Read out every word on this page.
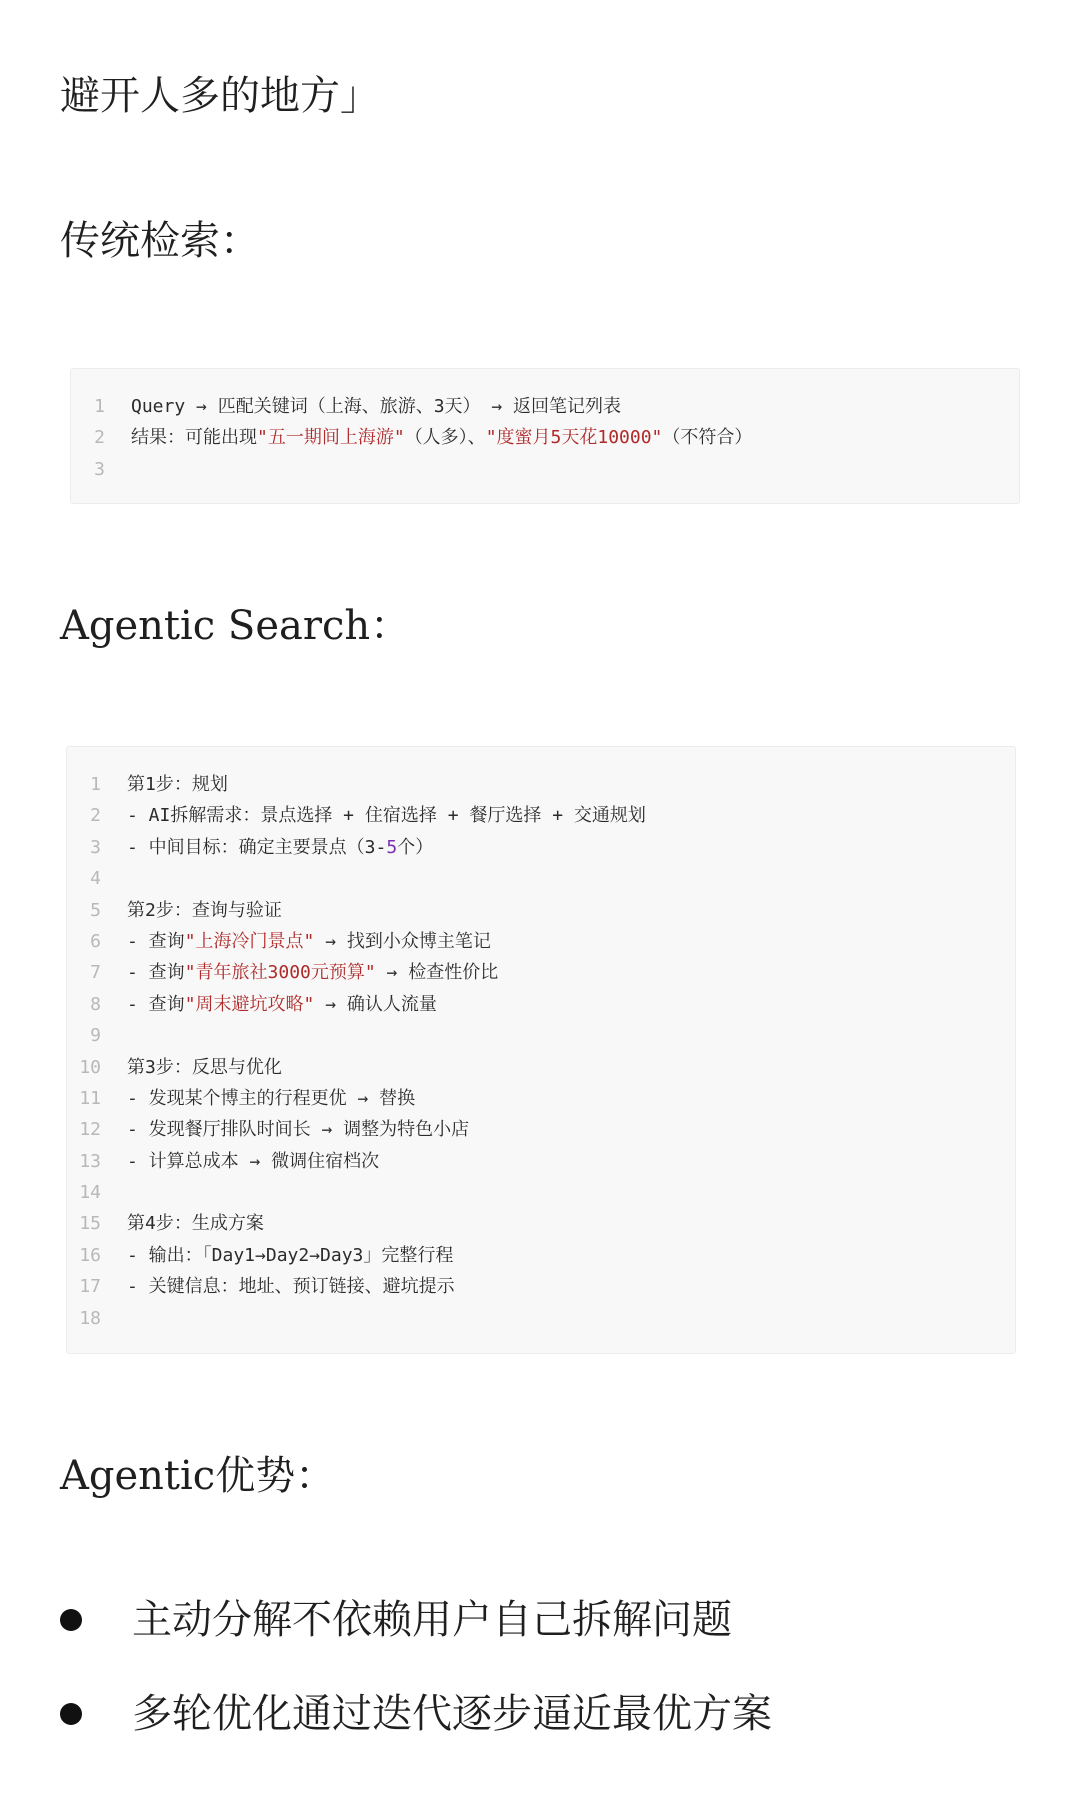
避开人多的地方」

传统检索：

1 Query → 匹配关键词（上海、旅游、3天） → 返回笔记列表
2 结果：可能出现"五一期间上海游"（人多）、"度蜜月5天花10000"（不符合）
3

Agentic Search：

1 第1步：规划
2 - AI拆解需求：景点选择 + 住宿选择 + 餐厅选择 + 交通规划
3 - 中间目标：确定主要景点（3-5个）
4
5 第2步：查询与验证
6 - 查询"上海冷门景点" → 找到小众博主笔记
7 - 查询"青年旅社3000元预算" → 检查性价比
8 - 查询"周末避坑攻略" → 确认人流量
9
10 第3步：反思与优化
11 - 发现某个博主的行程更优 → 替换
12 - 发现餐厅排队时间长 → 调整为特色小店
13 - 计算总成本 → 微调住宿档次
14
15 第4步：生成方案
16 - 输出：「Day1→Day2→Day3」完整行程
17 - 关键信息：地址、预订链接、避坑提示
18

Agentic优势：

主动分解不依赖用户自己拆解问题
多轮优化通过迭代逐步逼近最优方案
